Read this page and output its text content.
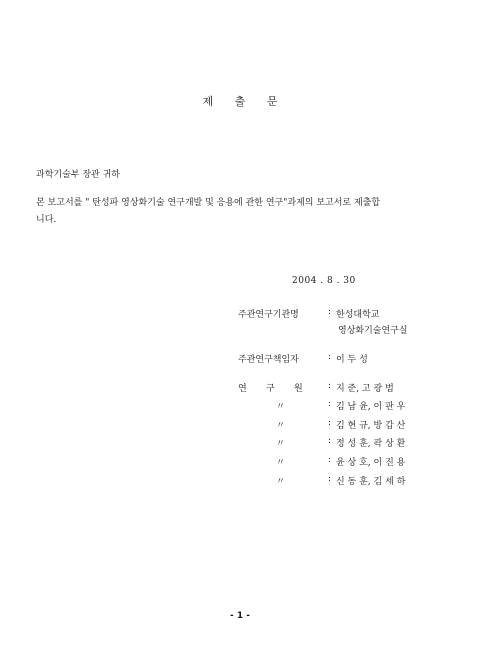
제 출 문
과학기술부 장관 귀하
본 보고서를 " 탄성파 영상화기술 연구개발 및 응용에 관한 연구"과제의 보고서로 제출합
니다.
2004 . 8 . 30
주관연구기관명	: 한성대학교
영상화기술연구실
주관연구책임자	: 이 두 성
연 구 원	: 지 준, 고 광 범
〃	: 김 남 윤, 이 판 우
〃	: 김 현 규, 방 갑 산
〃	: 정 성 훈, 곽 상 환
〃	: 윤 상 호, 이 진 용
〃	: 신 동 훈, 김 세 하
- 1 -
